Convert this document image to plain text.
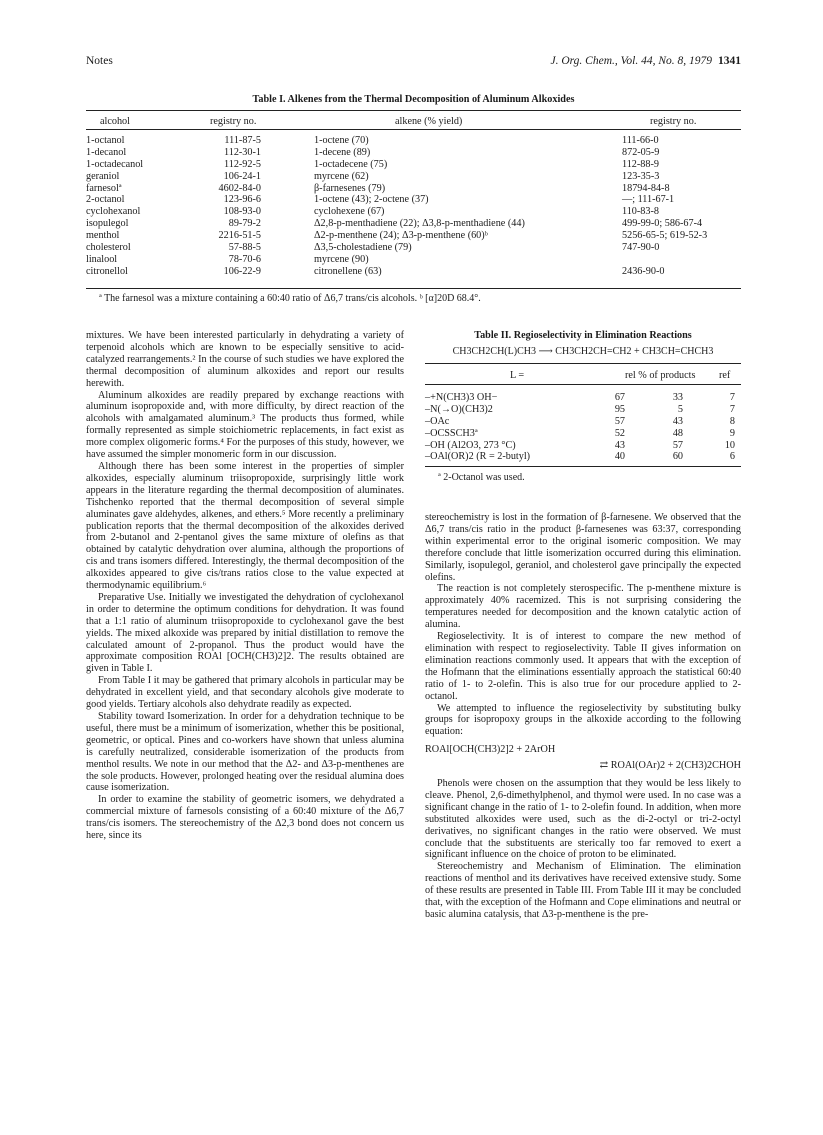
Notes	J. Org. Chem., Vol. 44, No. 8, 1979 1341
Table I. Alkenes from the Thermal Decomposition of Aluminum Alkoxides
alcohol	registry no.	alkene (% yield)	registry no.
1-octanol	111-87-5	1-octene (70)	111-66-0
1-decanol	112-30-1	1-decene (89)	872-05-9
1-octadecanol	112-92-5	1-octadecene (75)	112-88-9
geraniol	106-24-1	myrcene (62)	123-35-3
farnesolª	4602-84-0	β-farnesenes (79)	18794-84-8
2-octanol	123-96-6	1-octene (43); 2-octene (37)	—; 111-67-1
cyclohexanol	108-93-0	cyclohexene (67)	110-83-8
isopulegol	89-79-2	Δ2,8-p-menthadiene (22); Δ3,8-p-menthadiene (44)	499-99-0; 586-67-4
menthol	2216-51-5	Δ2-p-menthene (24); Δ3-p-menthene (60)ᵇ	5256-65-5; 619-52-3
cholesterol	57-88-5	Δ3,5-cholestadiene (79)	747-90-0
linalool	78-70-6	myrcene (90)
citronellol	106-22-9	citronellene (63)	2436-90-0
ª The farnesol was a mixture containing a 60:40 ratio of Δ6,7 trans/cis alcohols. ᵇ [α]20D 68.4°.

mixtures. We have been interested particularly in dehydrating a variety of terpenoid alcohols which are known to be especially sensitive to acid-catalyzed rearrangements.² In the course of such studies we have explored the thermal decomposition of aluminum alkoxides and report our results herewith.

Aluminum alkoxides are readily prepared by exchange reactions with aluminum isopropoxide and, with more difficulty, by direct reaction of the alcohols with amalgamated aluminum.³ The products thus formed, while formally represented as simple stoichiometric replacements, in fact exist as more complex oligomeric forms.⁴ For the purposes of this study, however, we have assumed the simpler monomeric form in our discussion.

Although there has been some interest in the properties of simpler alkoxides, especially aluminum triisopropoxide, surprisingly little work appears in the literature regarding the thermal decomposition of aluminates. Tishchenko reported that the thermal decomposition of several simple aluminates gave aldehydes, alkenes, and ethers.⁵ More recently a preliminary publication reports that the thermal decomposition of the alkoxides derived from 2-butanol and 2-pentanol gives the same mixture of olefins as that obtained by catalytic dehydration over alumina, although the proportions of cis and trans isomers differed. Interestingly, the thermal decomposition of the alkoxides appeared to give cis/trans ratios close to the value expected at thermodynamic equilibrium.⁶

Preparative Use. Initially we investigated the dehydration of cyclohexanol in order to determine the optimum conditions for dehydration. It was found that a 1:1 ratio of aluminum triisopropoxide to cyclohexanol gave the best yields. The mixed alkoxide was prepared by initial distillation to remove the calculated amount of 2-propanol. Thus the product would have the approximate composition ROAl [OCH(CH3)2]2. The results obtained are given in Table I.

From Table I it may be gathered that primary alcohols in particular may be dehydrated in excellent yield, and that secondary alcohols give moderate to good yields. Tertiary alcohols also dehydrate readily as expected.

Stability toward Isomerization. In order for a dehydration technique to be useful, there must be a minimum of isomerization, whether this be positional, geometric, or optical. Pines and co-workers have shown that unless alumina is carefully neutralized, considerable isomerization of the products from menthol results. We note in our method that the Δ2- and Δ3-p-menthenes are the sole products. However, prolonged heating over the residual alumina does cause isomerization.

In order to examine the stability of geometric isomers, we dehydrated a commercial mixture of farnesols consisting of a 60:40 mixture of the Δ6,7 trans/cis isomers. The stereochemistry of the Δ2,3 bond does not concern us here, since its

Table II. Regioselectivity in Elimination Reactions
CH3CH2CH(L)CH3 ⟶ CH3CH2CH=CH2 + CH3CH=CHCH3
L =	rel % of products ref
–+N(CH3)3 OH−	67	33	7
–N(→O)(CH3)2	95	5	7
–OAc	57	43	8
–OCSSCH3ª	52	48	9
–OH (Al2O3, 273 °C)	43	57	10
–OAl(OR)2 (R = 2-butyl)	40	60	6
ª 2-Octanol was used.

stereochemistry is lost in the formation of β-farnesene. We observed that the Δ6,7 trans/cis ratio in the product β-farnesenes was 63:37, corresponding within experimental error to the original isomeric composition. We may therefore conclude that little isomerization occurred during this elimination. Similarly, isopulegol, geraniol, and cholesterol gave principally the expected olefins.

The reaction is not completely sterospecific. The p-menthene mixture is approximately 40% racemized. This is not surprising considering the temperatures needed for decomposition and the known catalytic action of alumina.

Regioselectivity. It is of interest to compare the new method of elimination with respect to regioselectivity. Table II gives information on elimination reactions commonly used. It appears that with the exception of the Hofmann that the eliminations essentially approach the statistical 60:40 ratio of 1- to 2-olefin. This is also true for our procedure applied to 2-octanol.

We attempted to influence the regioselectivity by substituting bulky groups for isopropoxy groups in the alkoxide according to the following equation:

ROAl[OCH(CH3)2]2 + 2ArOH
⇄ ROAl(OAr)2 + 2(CH3)2CHOH

Phenols were chosen on the assumption that they would be less likely to cleave. Phenol, 2,6-dimethylphenol, and thymol were used. In no case was a significant change in the ratio of 1- to 2-olefin found. In addition, when more substituted alkoxides were used, such as the di-2-octyl or tri-2-octyl derivatives, no significant changes in the ratio were observed. We must conclude that the substituents are sterically too far removed to exert a significant influence on the choice of proton to be eliminated.

Stereochemistry and Mechanism of Elimination. The elimination reactions of menthol and its derivatives have received extensive study. Some of these results are presented in Table III. From Table III it may be concluded that, with the exception of the Hofmann and Cope eliminations and neutral or basic alumina catalysis, that Δ3-p-menthene is the pre-
